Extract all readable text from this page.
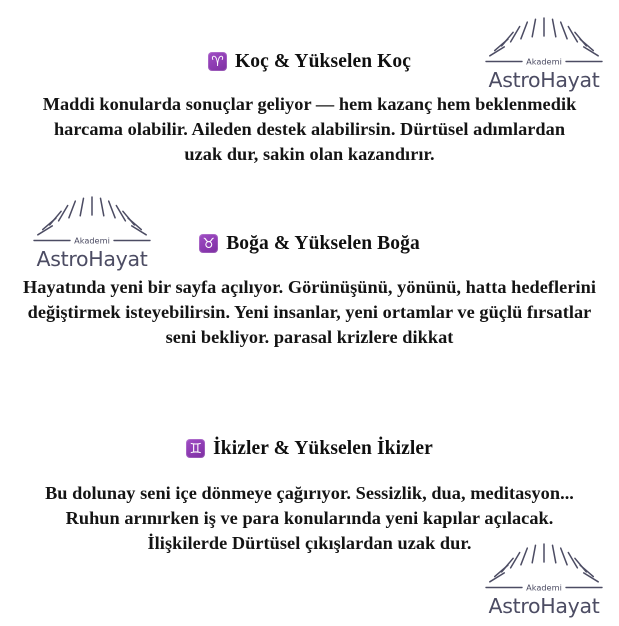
Akademi
AstroHayat
Akademi
AstroHayat
Akademi
AstroHayat
♈ Koç & Yükselen Koç

Maddi konularda sonuçlar geliyor — hem kazanç hem beklenmedik harcama olabilir. Aileden destek alabilirsin. Dürtüsel adımlardan uzak dur, sakin olan kazandırır.

♉ Boğa & Yükselen Boğa

Hayatında yeni bir sayfa açılıyor. Görünüşünü, yönünü, hatta hedeflerini değiştirmek isteyebilirsin. Yeni insanlar, yeni ortamlar ve güçlü fırsatlar seni bekliyor. parasal krizlere dikkat

♊ İkizler & Yükselen İkizler

Bu dolunay seni içe dönmeye çağırıyor. Sessizlik, dua, meditasyon... Ruhun arınırken iş ve para konularında yeni kapılar açılacak. İlişkilerde Dürtüsel çıkışlardan uzak dur.
